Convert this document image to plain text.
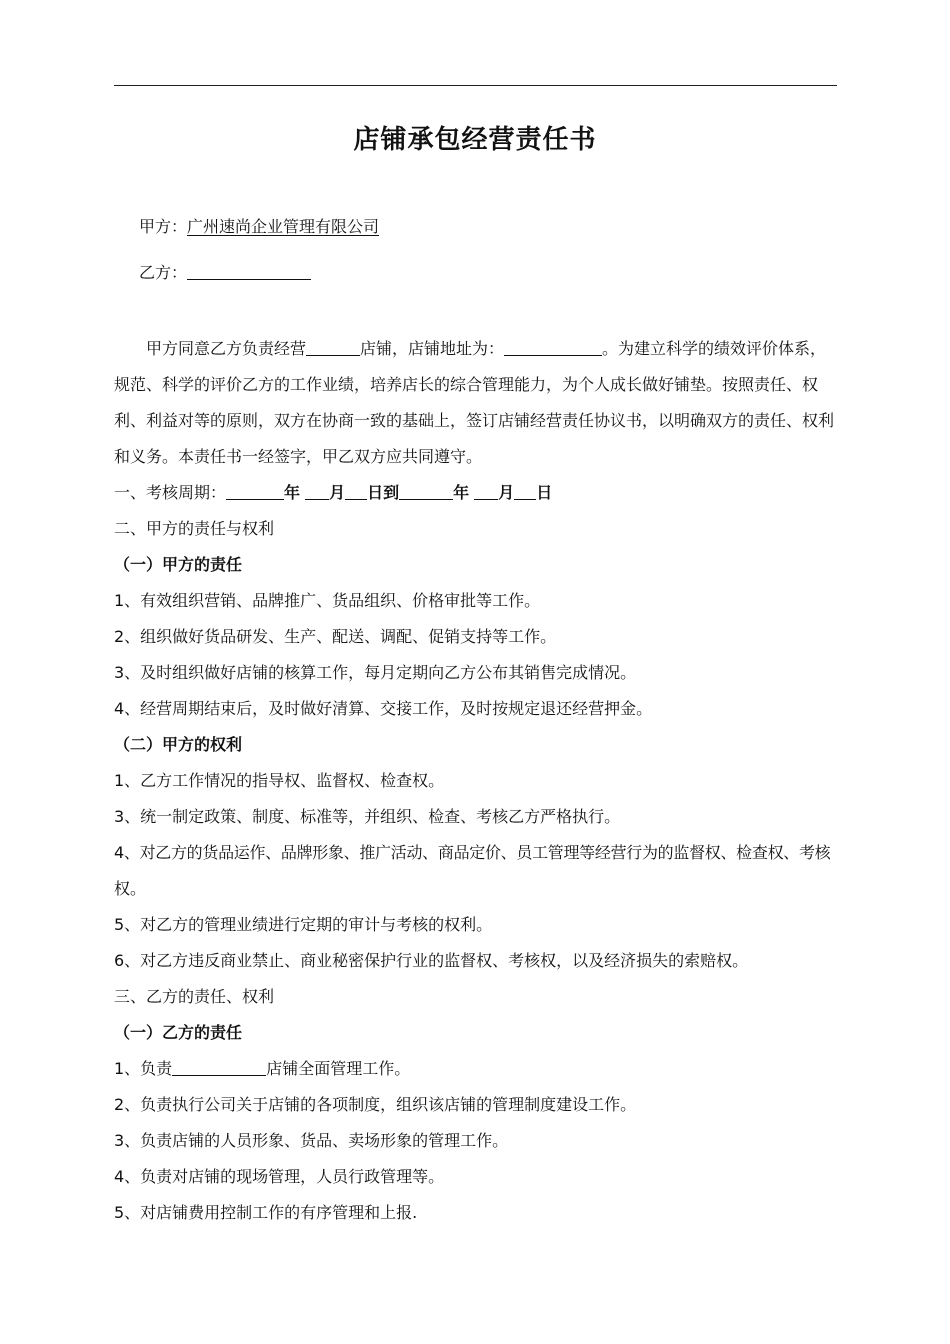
店铺承包经营责任书
甲方：广州速尚企业管理有限公司
乙方：
甲方同意乙方负责经营	店铺，店铺地址为：	。为建立科学的绩效评价体系，规范、科学的评价乙方的工作业绩，培养店长的综合管理能力，为个人成长做好铺垫。按照责任、权利、利益对等的原则，双方在协商一致的基础上，签订店铺经营责任协议书，以明确双方的责任、权利和义务。本责任书一经签字，甲乙双方应共同遵守。
一、考核周期：	年 月 日到	年 月 日
二、甲方的责任与权利
（一）甲方的责任
1、有效组织营销、品牌推广、货品组织、价格审批等工作。
2、组织做好货品研发、生产、配送、调配、促销支持等工作。
3、及时组织做好店铺的核算工作，每月定期向乙方公布其销售完成情况。
4、经营周期结束后，及时做好清算、交接工作，及时按规定退还经营押金。
（二）甲方的权利
1、乙方工作情况的指导权、监督权、检查权。
3、统一制定政策、制度、标准等，并组织、检查、考核乙方严格执行。
4、对乙方的货品运作、品牌形象、推广活动、商品定价、员工管理等经营行为的监督权、检查权、考核
权。
5、对乙方的管理业绩进行定期的审计与考核的权利。
6、对乙方违反商业禁止、商业秘密保护行业的监督权、考核权，以及经济损失的索赔权。
三、乙方的责任、权利
（一）乙方的责任
1、负责	店铺全面管理工作。
2、负责执行公司关于店铺的各项制度，组织该店铺的管理制度建设工作。
3、负责店铺的人员形象、货品、卖场形象的管理工作。
4、负责对店铺的现场管理，人员行政管理等。
5、对店铺费用控制工作的有序管理和上报.
